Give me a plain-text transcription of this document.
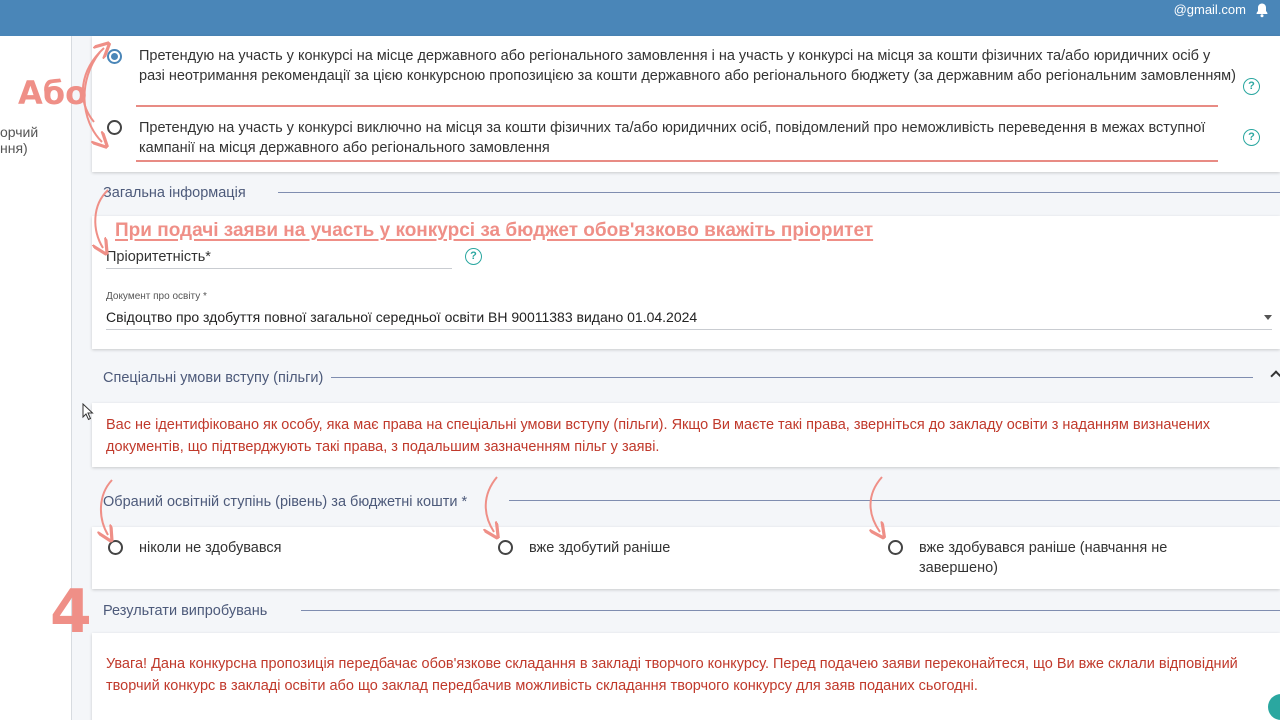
@gmail.com
орчий
ння)
Претендую на участь у конкурсі на місце державного або регіонального замовлення і на участь у конкурсі на місця за кошти фізичних та/або юридичних осіб у разі неотримання рекомендації за цією конкурсною пропозицією за кошти державного або регіонального бюджету (за державним або регіональним замовленням)
?
Претендую на участь у конкурсі виключно на місця за кошти фізичних та/або юридичних осіб, повідомлений про неможливість переведення в межах вступної кампанії на місця державного або регіонального замовлення
?
Загальна інформація
Пріоритетність*	?
Документ про освіту *
Свідоцтво про здобуття повної загальної середньої освіти ВН 90011383 видано 01.04.2024
Спеціальні умови вступу (пільги)
Вас не ідентифіковано як особу, яка має права на спеціальні умови вступу (пільги). Якщо Ви маєте такі права, зверніться до закладу освіти з наданням визначених документів, що підтверджують такі права, з подальшим зазначенням пільг у заяві.
Обраний освітній ступінь (рівень) за бюджетні кошти *
ніколи не здобувався	вже здобутий раніше	вже здобувався раніше (навчання не завершено)
Результати випробувань
Увага! Дана конкурсна пропозиція передбачає обов'язкове складання в закладі творчого конкурсу. Перед подачею заяви переконайтеся, що Ви вже склали відповідний творчий конкурс в закладі освіти або що заклад передбачив можливість складання творчого конкурсу для заяв поданих сьогодні.
Або
4
При подачі заяви на участь у конкурсі за бюджет обов'язково вкажіть пріоритет
